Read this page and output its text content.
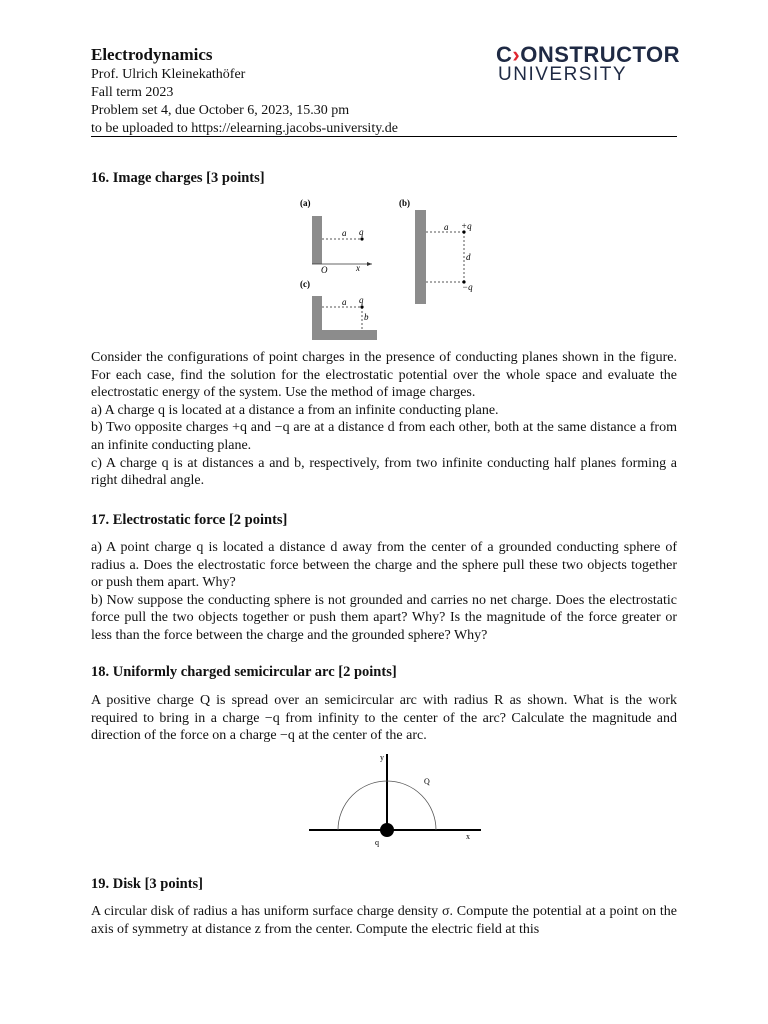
Electrodynamics
Prof. Ulrich Kleinekathöfer
Fall term 2023
Problem set 4, due October 6, 2023, 15.30 pm
to be uploaded to https://elearning.jacobs-university.de
C›ONSTRUCTOR
UNIVERSITY
16. Image charges [3 points]
(a)
a q
O	x
(c)
a q
b
(b)
a +q
d
−q
Consider the configurations of point charges in the presence of conducting planes shown in the figure. For each case, find the solution for the electrostatic potential over the whole space and evaluate the electrostatic energy of the system. Use the method of image charges.
a) A charge q is located at a distance a from an infinite conducting plane.
b) Two opposite charges +q and −q are at a distance d from each other, both at the same distance a from an infinite conducting plane.
c) A charge q is at distances a and b, respectively, from two infinite conducting half planes forming a right dihedral angle.
17. Electrostatic force [2 points]
a) A point charge q is located a distance d away from the center of a grounded conducting sphere of radius a. Does the electrostatic force between the charge and the sphere pull these two objects together or push them apart. Why?
b) Now suppose the conducting sphere is not grounded and carries no net charge. Does the electrostatic force pull the two objects together or push them apart? Why? Is the magnitude of the force greater or less than the force between the charge and the grounded sphere? Why?
18. Uniformly charged semicircular arc [2 points]
A positive charge Q is spread over an semicircular arc with radius R as shown. What is the work required to bring in a charge −q from infinity to the center of the arc? Calculate the magnitude and direction of the force on a charge −q at the center of the arc.
y
x
Q
q
19. Disk [3 points]
A circular disk of radius a has uniform surface charge density σ. Compute the potential at a point on the axis of symmetry at distance z from the center. Compute the electric field at this
